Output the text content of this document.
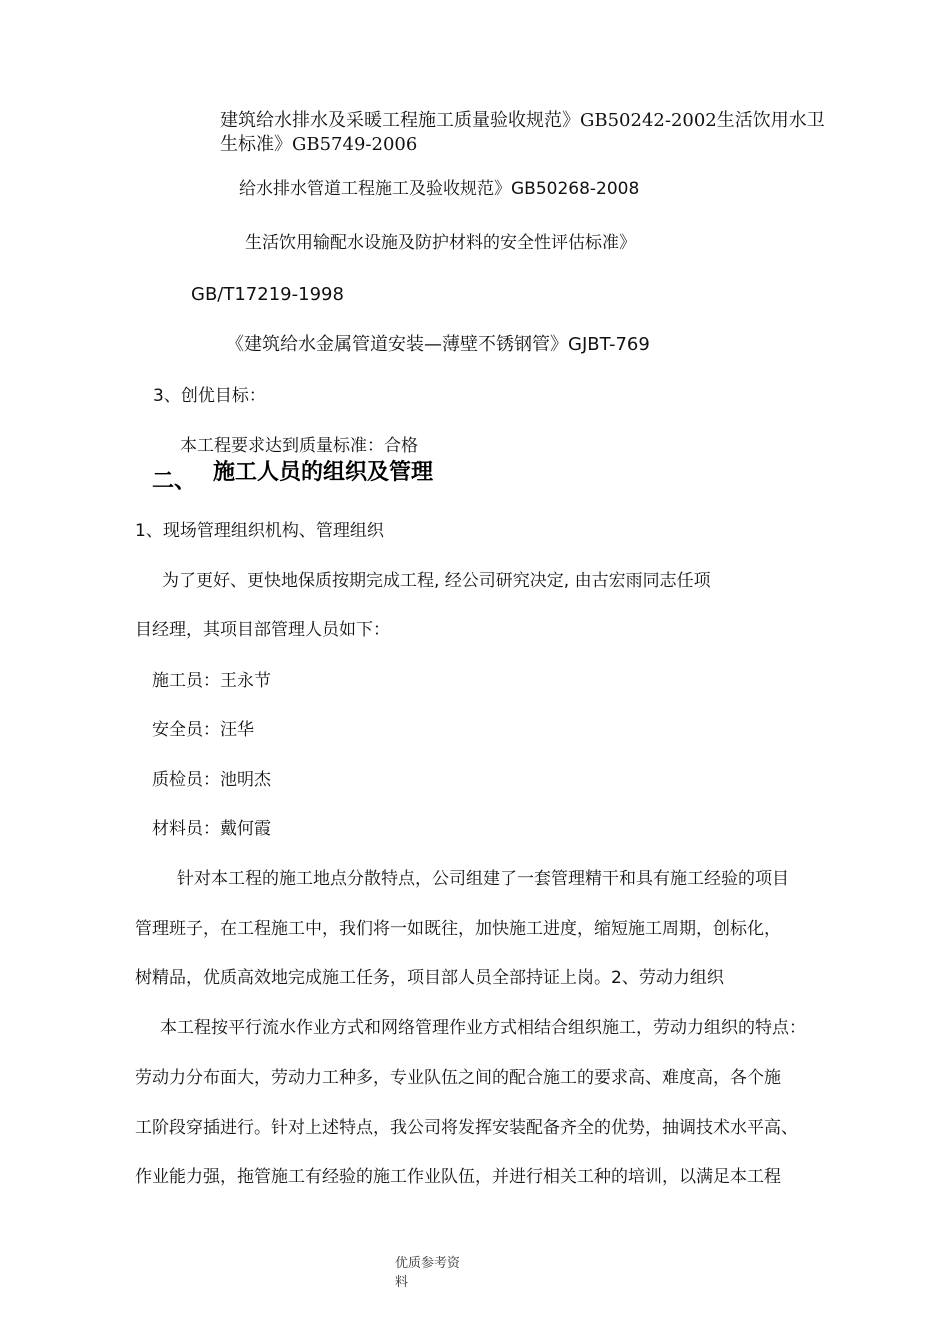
建筑给水排水及采暖工程施工质量验收规范》GB50242-2002生活饮用水卫
生标准》GB5749-2006
给水排水管道工程施工及验收规范》GB50268-2008
生活饮用输配水设施及防护材料的安全性评估标准》
GB/T17219-1998
《建筑给水金属管道安装—薄壁不锈钢管》GJBT-769
3、创优目标：
本工程要求达到质量标准：合格
二、 施工人员的组织及管理
1、现场管理组织机构、管理组织
为了更好、更快地保质按期完成工程, 经公司研究决定, 由古宏雨同志任项
目经理，其项目部管理人员如下：
施工员：王永节
安全员：汪华
质检员：池明杰
材料员：戴何霞
针对本工程的施工地点分散特点，公司组建了一套管理精干和具有施工经验的项目
管理班子，在工程施工中，我们将一如既往，加快施工进度，缩短施工周期，创标化，
树精品，优质高效地完成施工任务，项目部人员全部持证上岗。2、劳动力组织
本工程按平行流水作业方式和网络管理作业方式相结合组织施工，劳动力组织的特点：
劳动力分布面大，劳动力工种多，专业队伍之间的配合施工的要求高、难度高，各个施
工阶段穿插进行。针对上述特点，我公司将发挥安装配备齐全的优势，抽调技术水平高、
作业能力强，拖管施工有经验的施工作业队伍，并进行相关工种的培训，以满足本工程
优质参考资
料
